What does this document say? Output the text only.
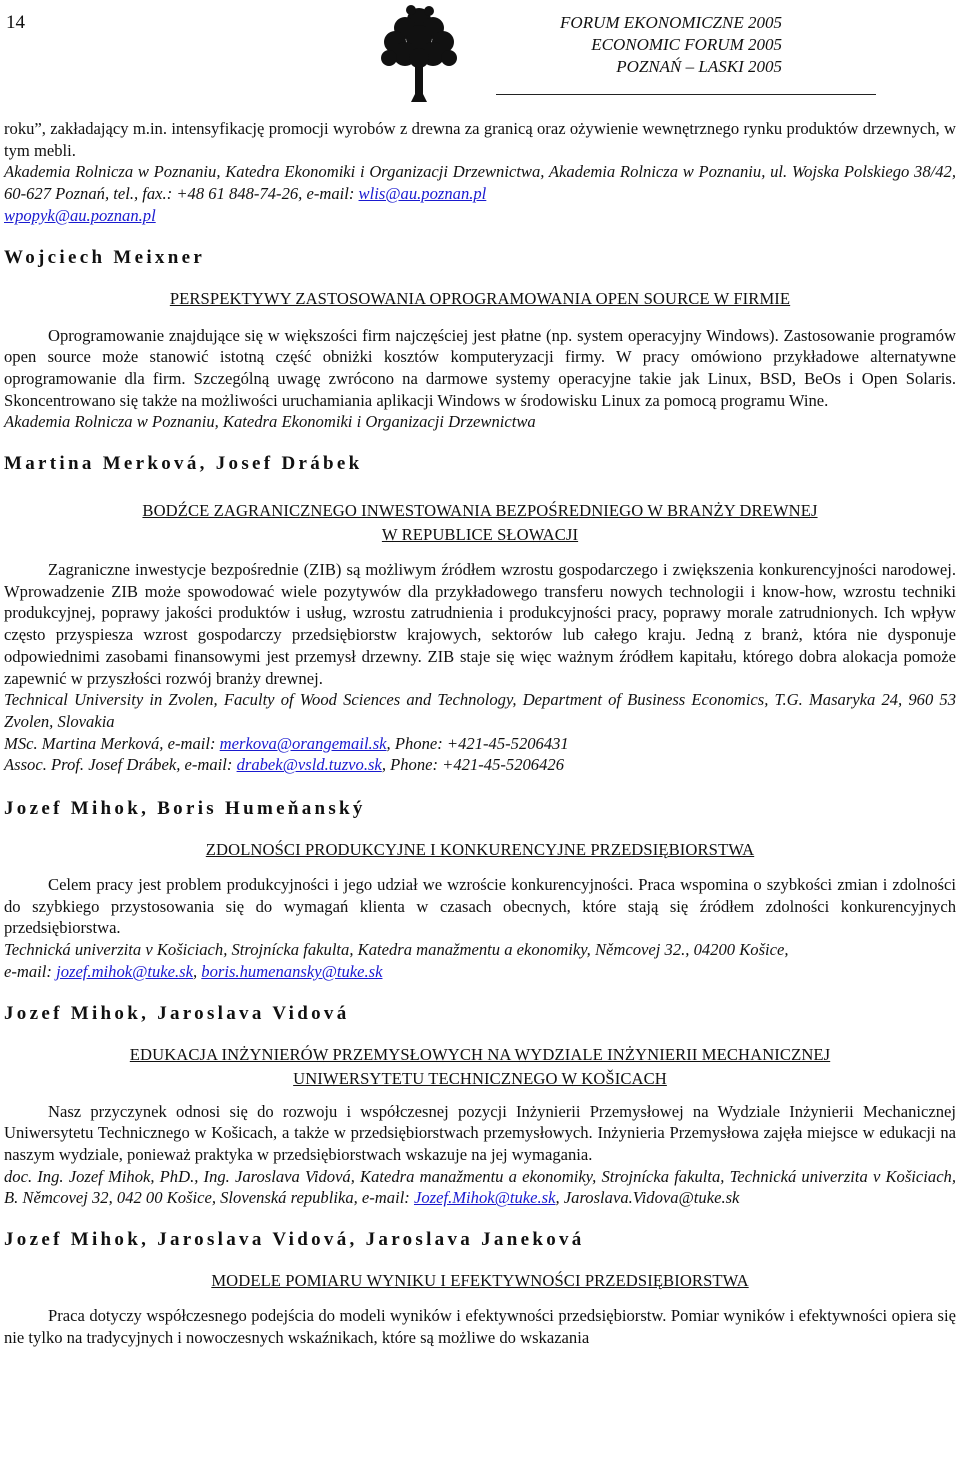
14	FORUM EKONOMICZNE 2005
ECONOMIC FORUM 2005
POZNAŃ – LASKI 2005

roku”, zakładający m.in. intensyfikację promocji wyrobów z drewna za granicą oraz ożywienie wewnętrznego rynku produktów drzewnych, w tym mebli.

Akademia Rolnicza w Poznaniu, Katedra Ekonomiki i Organizacji Drzewnictwa, Akademia Rolnicza w Poznaniu, ul. Wojska Polskiego 38/42, 60-627 Poznań, tel., fax.: +48 61 848-74-26, e-mail: wlis@au.poznan.pl
wpopyk@au.poznan.pl

Wojciech Meixner
PERSPEKTYWY ZASTOSOWANIA OPROGRAMOWANIA OPEN SOURCE W FIRMIE

Oprogramowanie znajdujące się w większości firm najczęściej jest płatne (np. system operacyjny Windows). Zastosowanie programów open source może stanowić istotną część obniżki kosztów komputeryzacji firmy. W pracy omówiono przykładowe alternatywne oprogramowanie dla firm. Szczególną uwagę zwrócono na darmowe systemy operacyjne takie jak Linux, BSD, BeOs i Open Solaris. Skoncentrowano się także na możliwości uruchamiania aplikacji Windows w środowisku Linux za pomocą programu Wine.

Akademia Rolnicza w Poznaniu, Katedra Ekonomiki i Organizacji Drzewnictwa

Martina Merková, Josef Drábek
BODŹCE ZAGRANICZNEGO INWESTOWANIA BEZPOŚREDNIEGO W BRANŻY DREWNEJ
W REPUBLICE SŁOWACJI

Zagraniczne inwestycje bezpośrednie (ZIB) są możliwym źródłem wzrostu gospodarczego i zwiększenia konkurencyjności narodowej. Wprowadzenie ZIB może spowodować wiele pozytywów dla przykładowego transferu nowych technologii i know-how, wzrostu techniki produkcyjnej, poprawy jakości produktów i usług, wzrostu zatrudnienia i produkcyjności pracy, poprawy morale zatrudnionych. Ich wpływ często przyspiesza wzrost gospodarczy przedsiębiorstw krajowych, sektorów lub całego kraju. Jedną z branż, która nie dysponuje odpowiednimi zasobami finansowymi jest przemysł drzewny. ZIB staje się więc ważnym źródłem kapitału, którego dobra alokacja pomoże zapewnić w przyszłości rozwój branży drewnej.

Technical University in Zvolen, Faculty of Wood Sciences and Technology, Department of Business Economics, T.G. Masaryka 24, 960 53 Zvolen, Slovakia

MSc. Martina Merková, e-mail: merkova@orangemail.sk, Phone: +421-45-5206431

Assoc. Prof. Josef Drábek, e-mail: drabek@vsld.tuzvo.sk, Phone: +421-45-5206426

Jozef Mihok, Boris Humeňanský
ZDOLNOŚCI PRODUKCYJNE I KONKURENCYJNE PRZEDSIĘBIORSTWA

Celem pracy jest problem produkcyjności i jego udział we wzroście konkurencyjności. Praca wspomina o szybkości zmian i zdolności do szybkiego przystosowania się do wymagań klienta w czasach obecnych, które stają się źródłem zdolności konkurencyjnych przedsiębiorstwa.

Technická univerzita v Košiciach, Strojnícka fakulta, Katedra manažmentu a ekonomiky, Němcovej 32., 04200 Košice,

e-mail: jozef.mihok@tuke.sk, boris.humenansky@tuke.sk

Jozef Mihok, Jaroslava Vidová
EDUKACJA INŻYNIERÓW PRZEMYSŁOWYCH NA WYDZIALE INŻYNIERII MECHANICZNEJ
UNIWERSYTETU TECHNICZNEGO W KOŠICACH

Nasz przyczynek odnosi się do rozwoju i współczesnej pozycji Inżynierii Przemysłowej na Wydziale Inżynierii Mechanicznej Uniwersytetu Technicznego w Košicach, a także w przedsiębiorstwach przemysłowych. Inżynieria Przemysłowa zajęła miejsce w edukacji na naszym wydziale, ponieważ praktyka w przedsiębiorstwach wskazuje na jej wymagania.

doc. Ing. Jozef Mihok, PhD., Ing. Jaroslava Vidová, Katedra manažmentu a ekonomiky, Strojnícka fakulta, Technická univerzita v Košiciach, B. Němcovej 32, 042 00 Košice, Slovenská republika, e-mail: Jozef.Mihok@tuke.sk, Jaroslava.Vidova@tuke.sk

Jozef Mihok, Jaroslava Vidová, Jaroslava Janeková
MODELE POMIARU WYNIKU I EFEKTYWNOŚCI PRZEDSIĘBIORSTWA

Praca dotyczy współczesnego podejścia do modeli wyników i efektywności przedsiębiorstw. Pomiar wyników i efektywności opiera się nie tylko na tradycyjnych i nowoczesnych wskaźnikach, które są możliwe do wskazania
